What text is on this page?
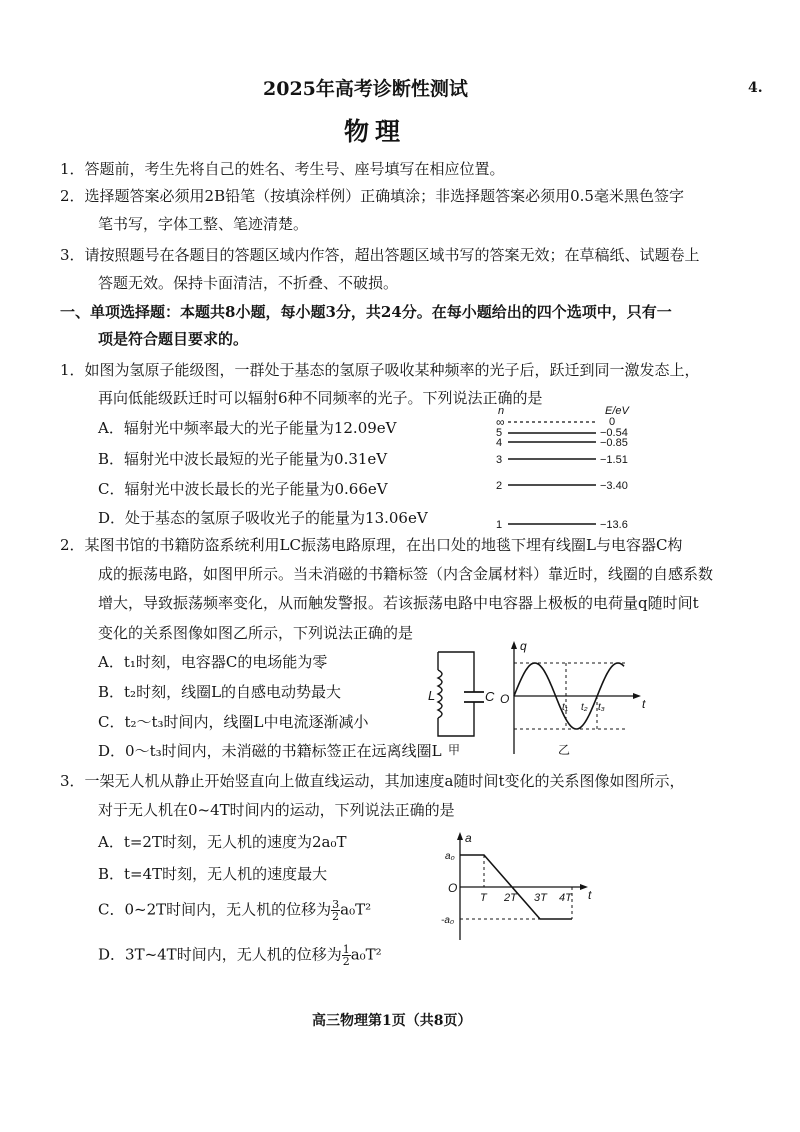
2025年高考诊断性测试	4.
物理
1．答题前，考生先将自己的姓名、考生号、座号填写在相应位置。
2．选择题答案必须用2B铅笔（按填涂样例）正确填涂；非选择题答案必须用0.5毫米黑色签字
笔书写，字体工整、笔迹清楚。
3．请按照题号在各题目的答题区域内作答，超出答题区域书写的答案无效；在草稿纸、试题卷上
答题无效。保持卡面清洁，不折叠、不破损。
一、单项选择题：本题共8小题，每小题3分，共24分。在每小题给出的四个选项中，只有一
项是符合题目要求的。
1．如图为氢原子能级图，一群处于基态的氢原子吸收某种频率的光子后，跃迁到同一激发态上，
再向低能级跃迁时可以辐射6种不同频率的光子。下列说法正确的是
A．辐射光中频率最大的光子能量为12.09eV
B．辐射光中波长最短的光子能量为0.31eV
C．辐射光中波长最长的光子能量为0.66eV
D．处于基态的氢原子吸收光子的能量为13.06eV
n	E/eV
∞
5
4
3
2
1
0
−0.54
−0.85
−1.51
−3.40
−13.6
2．某图书馆的书籍防盗系统利用LC振荡电路原理，在出口处的地毯下埋有线圈L与电容器C构
成的振荡电路，如图甲所示。当未消磁的书籍标签（内含金属材料）靠近时，线圈的自感系数
增大，导致振荡频率变化，从而触发警报。若该振荡电路中电容器上极板的电荷量q随时间t
变化的关系图像如图乙所示，下列说法正确的是
A．t₁时刻，电容器C的电场能为零
B．t₂时刻，线圈L的自感电动势最大
C．t₂～t₃时间内，线圈L中电流逐渐减小
D．0～t₃时间内，未消磁的书籍标签正在远离线圈L
L	C
甲
q
t
O
t₁ t₂ t₃
乙
3．一架无人机从静止开始竖直向上做直线运动，其加速度a随时间t变化的关系图像如图所示，
对于无人机在0~4T时间内的运动，下列说法正确的是
A．t=2T时刻，无人机的速度为2a₀T
B．t=4T时刻，无人机的速度最大
C．0~2T时间内，无人机的位移为 $\frac{3}{2} a_0T^2$
D．3T~4T时间内，无人机的位移为 $\frac{1}{2} a_0T^2$
a
t
O
a₀
-a₀
T 2T 3T 4T
高三物理第1页（共8页）
